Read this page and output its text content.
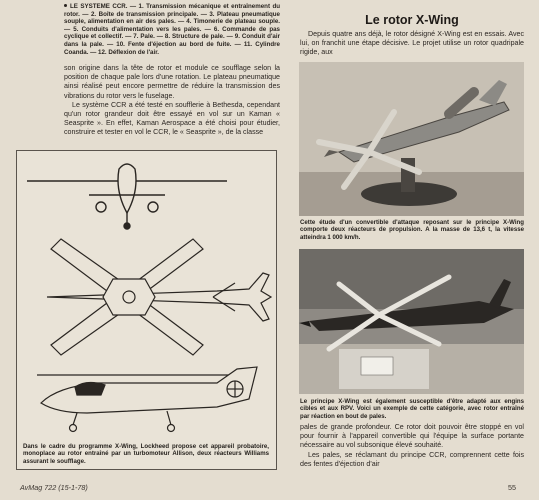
LE SYSTEME CCR. — 1. Transmission mécanique et entraînement du rotor. — 2. Boîte de transmission principale. — 3. Plateau pneumatique souple, alimentation en air des pales. — 4. Timonerie de plateau souple. — 5. Conduits d'alimentation vers les pales. — 6. Commande de pas cyclique et collectif. — 7. Pale. — 8. Structure de pale. — 9. Conduit d'air dans la pale. — 10. Fente d'éjection au bord de fuite. — 11. Cylindre Coanda. — 12. Déflexion de l'air.

son origine dans la tête de rotor et module ce soufflage selon la position de chaque pale lors d'une rotation. Le plateau pneumatique ainsi réalisé peut encore permettre de réduire la transmission des vibrations du rotor vers le fuselage.

Le système CCR a été testé en soufflerie à Bethesda, cependant qu'un rotor grandeur doit être essayé en vol sur un Kaman « Seasprite ». En effet, Kaman Aerospace a été choisi pour étudier, construire et tester en vol le CCR, le « Seasprite », de la classe

Le rotor X-Wing
Depuis quatre ans déjà, le rotor désigné X-Wing est en essais. Avec lui, on franchit une étape décisive. Le projet utilise un rotor quadripale rigide, aux
Cette étude d'un convertible d'attaque reposant sur le principe X-Wing comporte deux réacteurs de propulsion. A la masse de 13,6 t, la vitesse atteindra 1 000 km/h.
Le principe X-Wing est également susceptible d'être adapté aux engins cibles et aux RPV. Voici un exemple de cette catégorie, avec rotor entraîné par réaction en bout de pales.
Dans le cadre du programme X-Wing, Lockheed propose cet appareil probatoire, monoplace au rotor entraîné par un turbomoteur Allison, deux réacteurs Williams assurant le soufflage.

pales de grande profondeur. Ce rotor doit pouvoir être stoppé en vol pour fournir à l'appareil convertible qui l'équipe la surface portante nécessaire au vol subsonique élevé souhaité.

Les pales, se réclamant du principe CCR, comprennent cette fois des fentes d'éjection d'air

AvMag 722 (15-1-78)	55
